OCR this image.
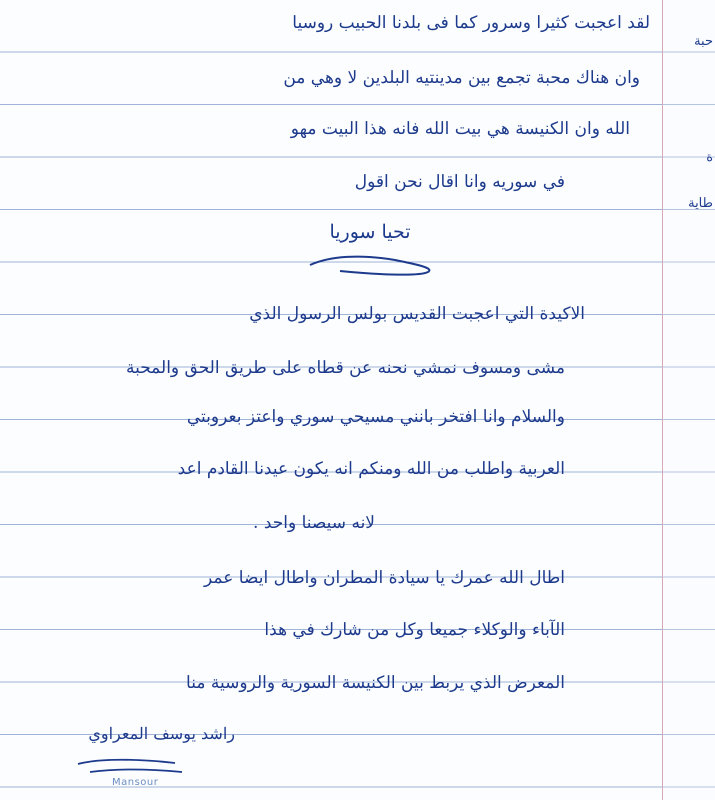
حبة
ة
طاية
لقد اعجبت كثيرا وسرور كما فى بلدنا الحبيب روسيا
وان هناك محبة تجمع بين مدينتيه البلدين لا وهي من
الله وان الكنيسة هي بيت الله فانه هذا البيت مهو
في سوريه وانا اقال نحن اقول
تحيا سوريا
الاكيدة التي اعجبت القديس بولس الرسول الذي
مشى ومسوف نمشي نحنه عن قطاه على طريق الحق والمحبة
والسلام وانا افتخر بانني مسيحي سوري واعتز بعروبتي
العربية واطلب من الله ومنكم انه يكون عيدنا القادم اعد
لانه سيصنا واحد .
اطال الله عمرك يا سيادة المطران واطال ايضا عمر
الآباء والوكلاء جميعا وكل من شارك في هذا
المعرض الذي يربط بين الكنيسة السورية والروسية منا
راشد يوسف المعراوي
Mansour
